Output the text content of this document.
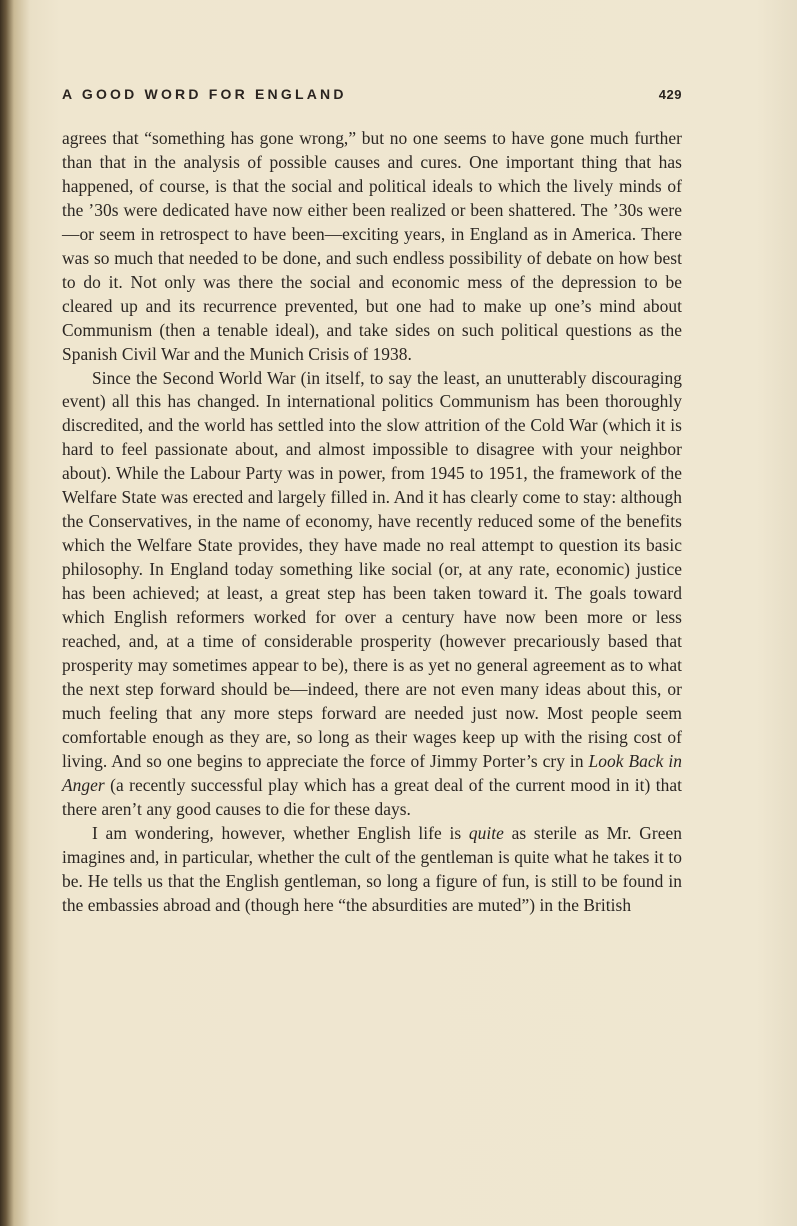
A GOOD WORD FOR ENGLAND	429

agrees that “something has gone wrong,” but no one seems to have gone much further than that in the analysis of possible causes and cures. One important thing that has happened, of course, is that the social and political ideals to which the lively minds of the ’30s were dedicated have now either been realized or been shattered. The ’30s were—or seem in retrospect to have been—exciting years, in England as in America. There was so much that needed to be done, and such endless possibility of debate on how best to do it. Not only was there the social and economic mess of the depression to be cleared up and its recurrence prevented, but one had to make up one’s mind about Communism (then a tenable ideal), and take sides on such political questions as the Spanish Civil War and the Munich Crisis of 1938.

Since the Second World War (in itself, to say the least, an unutterably discouraging event) all this has changed. In international politics Communism has been thoroughly discredited, and the world has settled into the slow attrition of the Cold War (which it is hard to feel passionate about, and almost impossible to disagree with your neighbor about). While the Labour Party was in power, from 1945 to 1951, the framework of the Welfare State was erected and largely filled in. And it has clearly come to stay: although the Conservatives, in the name of economy, have recently reduced some of the benefits which the Welfare State provides, they have made no real attempt to question its basic philosophy. In England today something like social (or, at any rate, economic) justice has been achieved; at least, a great step has been taken toward it. The goals toward which English reformers worked for over a century have now been more or less reached, and, at a time of considerable prosperity (however precariously based that prosperity may sometimes appear to be), there is as yet no general agreement as to what the next step forward should be—indeed, there are not even many ideas about this, or much feeling that any more steps forward are needed just now. Most people seem comfortable enough as they are, so long as their wages keep up with the rising cost of living. And so one begins to appreciate the force of Jimmy Porter’s cry in Look Back in Anger (a recently successful play which has a great deal of the current mood in it) that there aren’t any good causes to die for these days.

I am wondering, however, whether English life is quite as sterile as Mr. Green imagines and, in particular, whether the cult of the gentleman is quite what he takes it to be. He tells us that the English gentleman, so long a figure of fun, is still to be found in the embassies abroad and (though here “the absurdities are muted”) in the British
